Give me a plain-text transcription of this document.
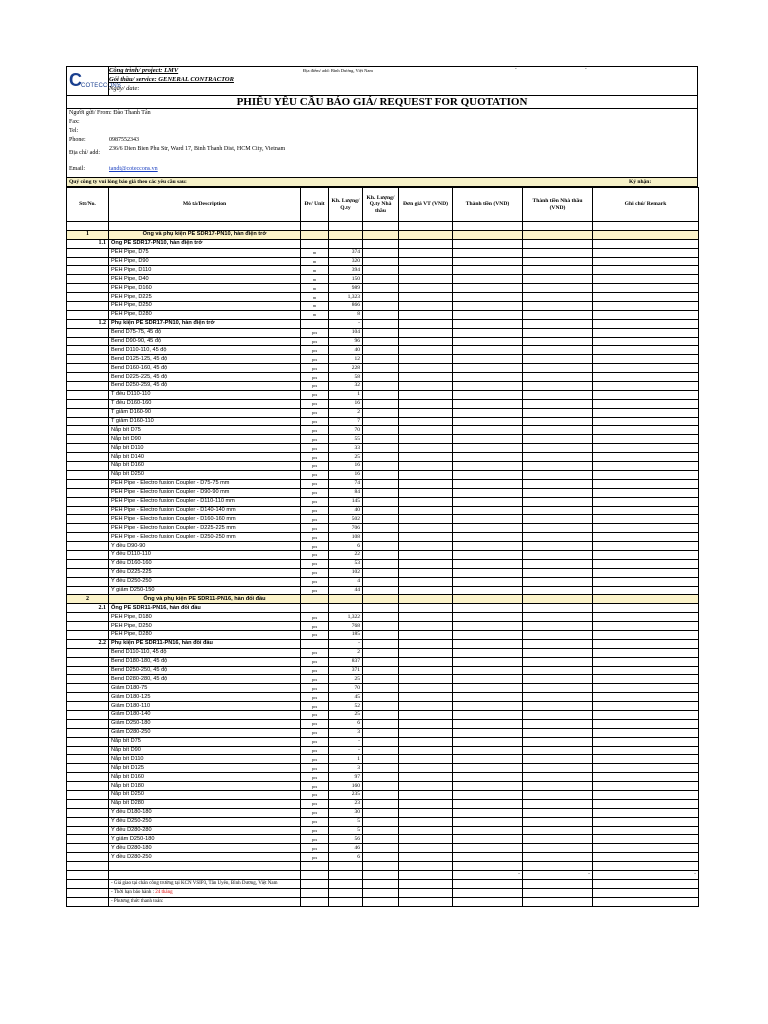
C COTECCONS
Công trình/ project: LMV
Gói thầu/ service: GENERAL CONTRACTOR
Ngày/ date:
Địa điểm/ add: Bình Dương, Việt Nam	-	-
PHIẾU YÊU CẦU BÁO GIÁ/ REQUEST FOR QUOTATION
Người gửi/ From: Đào Thanh Tân
Fax:
Tel:
Phone:	0987552343
Địa chỉ/ add:
236/6 Dien Bien Phu Str, Ward 17, Binh Thanh Dist, HCM City, Vietnam
Email:	tandt@coteccons.vn
Quý công ty vui lòng báo giá theo các yêu cầu sau:	Ký nhận:
Stt/No.	Mô tả/Description	Đv/ Unit	Kh. Lượng/ Q.ty	Kh. Lượng/ Q.ty Nhà thầu	Đơn giá VT (VND)	Thành tiền (VND)	Thành tiền Nhà thầu (VND)	Ghi chú/ Remark

1	Ống và phụ kiện PE SDR17-PN10, hàn điện trở							
1.1	Ống PE SDR17-PN10, hàn điện trở							
	PEH Pipe, D75	m	374					
	PEH Pipe, D90	m	320					
	PEH Pipe, D110	m	394					
	PEH Pipe, D40	m	150					
	PEH Pipe, D160	m	989					
	PEH Pipe, D225	m	1,323					
	PEH Pipe, D250	m	866					
	PEH Pipe, D280	m	8					
1.2	Phụ kiện PE SDR17-PN10, hàn điện trở		-					
	Bend D75-75, 45 độ	pcs	104					
	Bend D90-90, 45 độ	pcs	96					
	Bend D110-110, 45 độ	pcs	40					
	Bend D125-125, 45 độ	pcs	12					
	Bend D160-160, 45 độ	pcs	228					
	Bend D225-225, 45 độ	pcs	58					
	Bend D250-259, 45 độ	pcs	32					
	T đều D110-110	pcs	1					
	T đều D160-160	pcs	16					
	T giảm D160-90	pcs	2					
	T giảm D160-110	pcs	7					
	Nắp bít D75	pcs	70					
	Nắp bít D90	pcs	55					
	Nắp bít D110	pcs	33					
	Nắp bít D140	pcs	25					
	Nắp bít D160	pcs	16					
	Nắp bít D250	pcs	16					
	PEH Pipe - Electro fusion Coupler - D75-75 mm	pcs	74					
	PEH Pipe - Electro fusion Coupler - D90-90 mm	pcs	84					
	PEH Pipe - Electro fusion Coupler - D110-110 mm	pcs	145					
	PEH Pipe - Electro fusion Coupler - D140-140 mm	pcs	40					
	PEH Pipe - Electro fusion Coupler - D160-160 mm	pcs	502					
	PEH Pipe - Electro fusion Coupler - D225-225 mm	pcs	706					
	PEH Pipe - Electro fusion Coupler - D250-250 mm	pcs	108					
	Y đều D90-90	pcs	6					
	Y đều D110-110	pcs	22					
	Y đều D160-160	pcs	53					
	Y đều D225-225	pcs	102					
	Y đều D250-250	pcs	4					
	Y giảm D250-150	pcs	44					
2	Ống và phụ kiện PE SDR11-PN16, hàn đối đầu							
2.1	Ống PE SDR11-PN16, hàn đối đầu							
	PEH Pipe, D180	pcs	1,322					
	PEH Pipe, D250	pcs	768					
	PEH Pipe, D280	pcs	185					
2.2	Phụ kiện PE SDR11-PN16, hàn đối đầu		-					
	Bend D110-110, 45 độ	pcs	2					
	Bend D180-180, 45 độ	pcs	837					
	Bend D250-250, 45 độ	pcs	371					
	Bend D280-280, 45 độ	pcs	25					
	Giảm D180-75	pcs	70					
	Giảm D180-125	pcs	45					
	Giảm D180-110	pcs	52					
	Giảm D180-140	pcs	25					
	Giảm D250-180	pcs	6					
	Giảm D280-250	pcs	3					
	Nắp bít D75	pcs	-					
	Nắp bít D90	pcs	-					
	Nắp bít D110	pcs	1					
	Nắp bít D125	pcs	3					
	Nắp bít D160	pcs	97					
	Nắp bít D180	pcs	160					
	Nắp bít D250	pcs	235					
	Nắp bít D280	pcs	23					
	Y đều D180-180	pcs	30					
	Y đều D250-250	pcs	5					
	Y đều D280-280	pcs	5					
	Y giảm D250-180	pcs	56					
	Y đều D280-180	pcs	46					
	Y đều D280-250	pcs	6					

						-	-	-
	- Giá giao tại chân công trường tại KCN VSIP3, Tân Uyên, Bình Dương, Việt Nam							
	- Thời hạn bảo hành : 24 tháng							
	- Phương thức thanh toán:							
